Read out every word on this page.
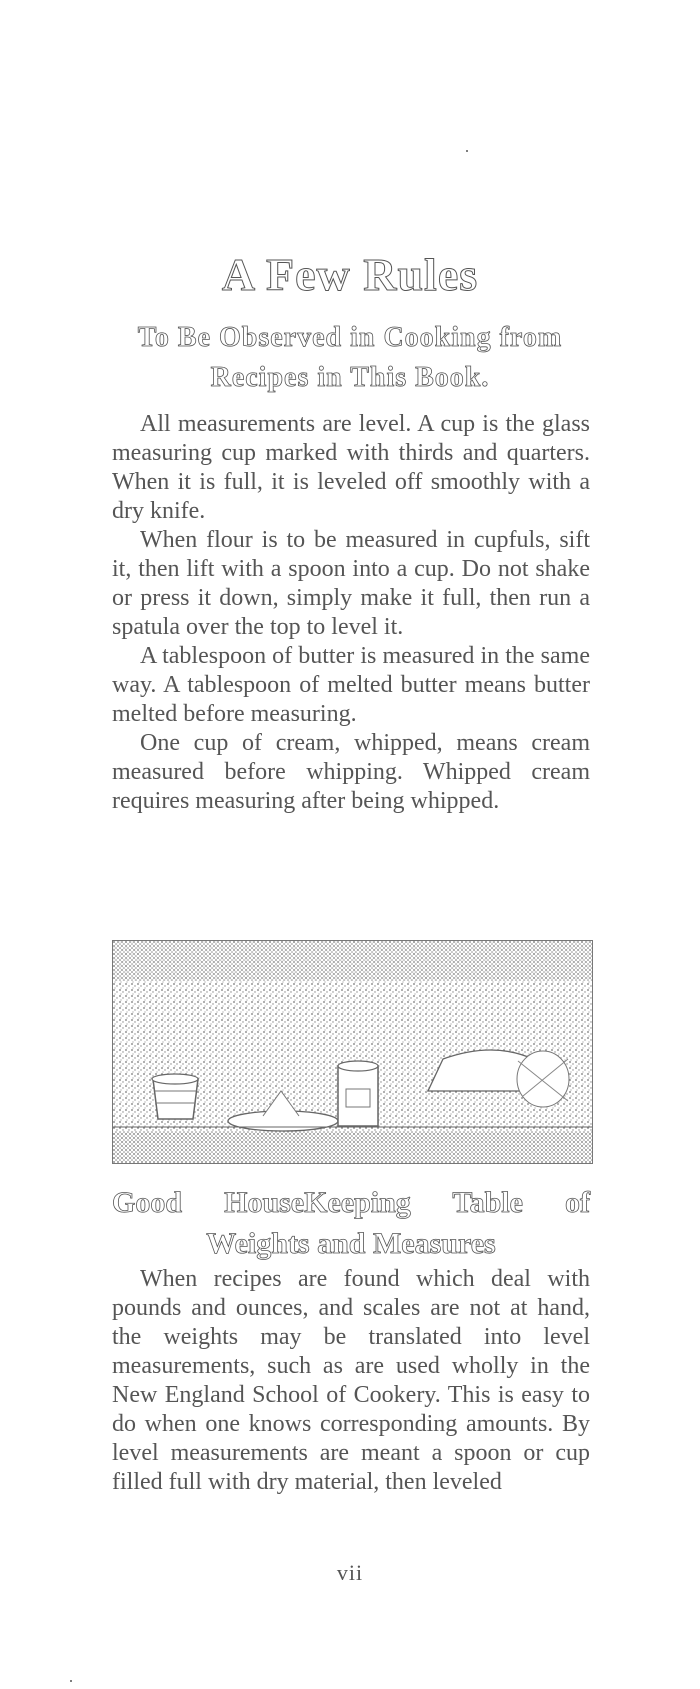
A Few Rules
To Be Observed in Cooking from Recipes in This Book.

All measurements are level. A cup is the glass measuring cup marked with thirds and quarters. When it is full, it is leveled off smoothly with a dry knife.

When flour is to be measured in cupfuls, sift it, then lift with a spoon into a cup. Do not shake or press it down, simply make it full, then run a spatula over the top to level it.

A tablespoon of butter is measured in the same way. A tablespoon of melted butter means butter melted before measuring.

One cup of cream, whipped, means cream measured before whipping. Whipped cream requires measuring after being whipped.

Good HouseKeeping Table of
Weights and Measures

When recipes are found which deal with pounds and ounces, and scales are not at hand, the weights may be translated into level measurements, such as are used wholly in the New England School of Cookery. This is easy to do when one knows corresponding amounts. By level measurements are meant a spoon or cup filled full with dry material, then leveled

vii
